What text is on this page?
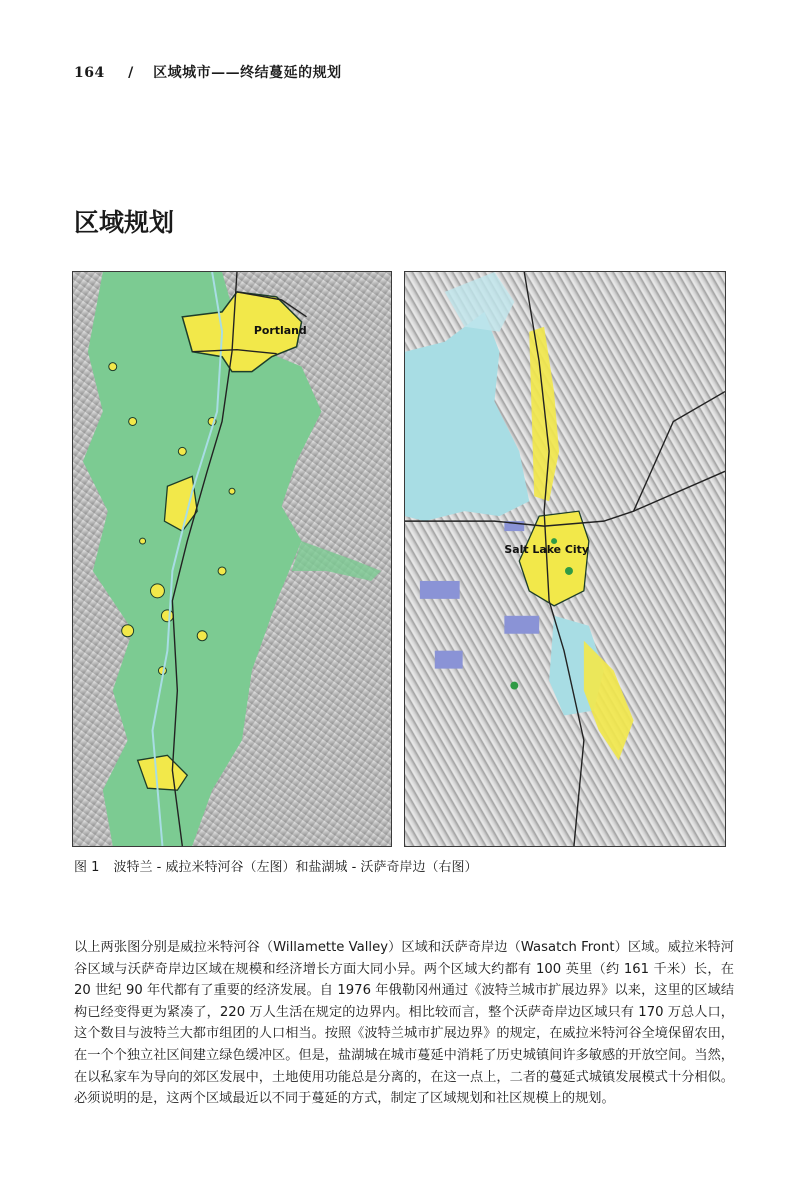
164 / 区域城市——终结蔓延的规划
区域规划
Portland
Salt Lake City
图 1 波特兰 - 威拉米特河谷（左图）和盐湖城 - 沃萨奇岸边（右图）

以上两张图分别是威拉米特河谷（Willamette Valley）区域和沃萨奇岸边（Wasatch Front）区域。威拉米特河谷区域与沃萨奇岸边区域在规模和经济增长方面大同小异。两个区域大约都有 100 英里（约 161 千米）长，在 20 世纪 90 年代都有了重要的经济发展。自 1976 年俄勒冈州通过《波特兰城市扩展边界》以来，这里的区域结构已经变得更为紧凑了，220 万人生活在规定的边界内。相比较而言，整个沃萨奇岸边区域只有 170 万总人口，这个数目与波特兰大都市组团的人口相当。按照《波特兰城市扩展边界》的规定，在威拉米特河谷全境保留农田，在一个个独立社区间建立绿色缓冲区。但是，盐湖城在城市蔓延中消耗了历史城镇间许多敏感的开放空间。当然，在以私家车为导向的郊区发展中，土地使用功能总是分离的，在这一点上，二者的蔓延式城镇发展模式十分相似。必须说明的是，这两个区域最近以不同于蔓延的方式，制定了区域规划和社区规模上的规划。
